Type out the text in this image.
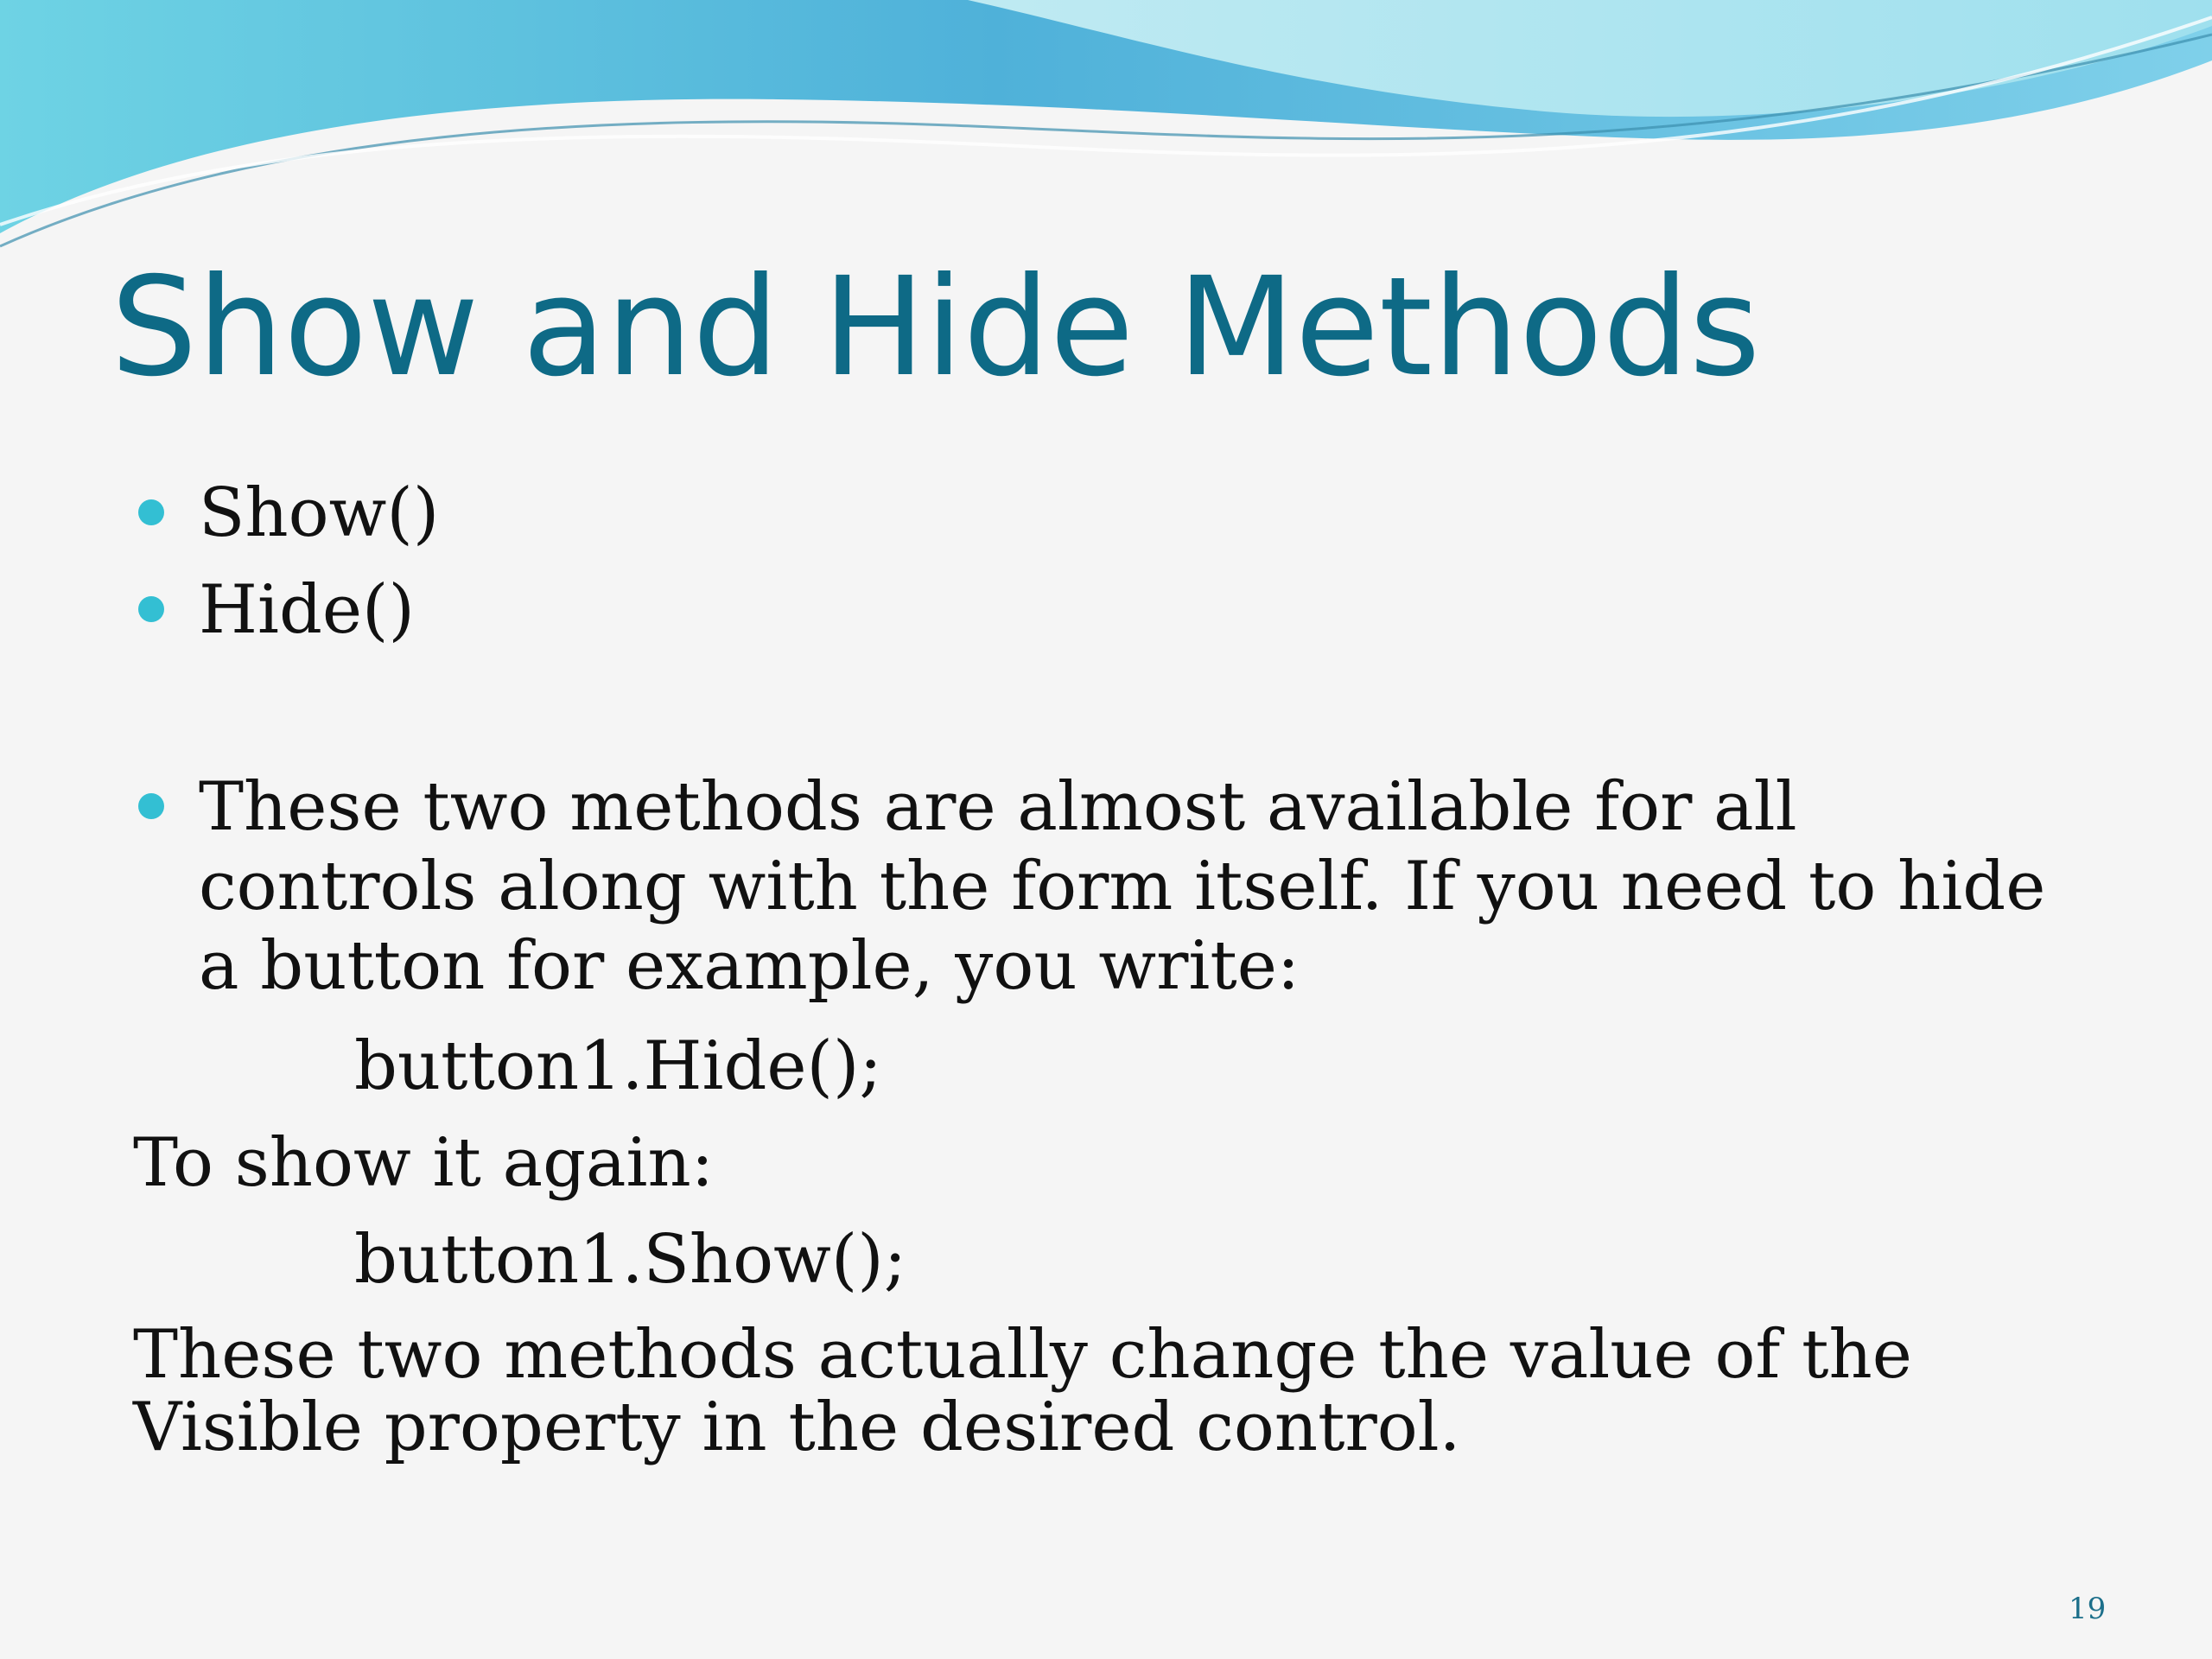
Show and Hide Methods
Show()
Hide()
These two methods are almost available for all controls along with the form itself. If you need to hide a button for example, you write:

button1.Hide();

To show it again:

button1.Show();

These two methods actually change the value of the Visible property in the desired control.

19
